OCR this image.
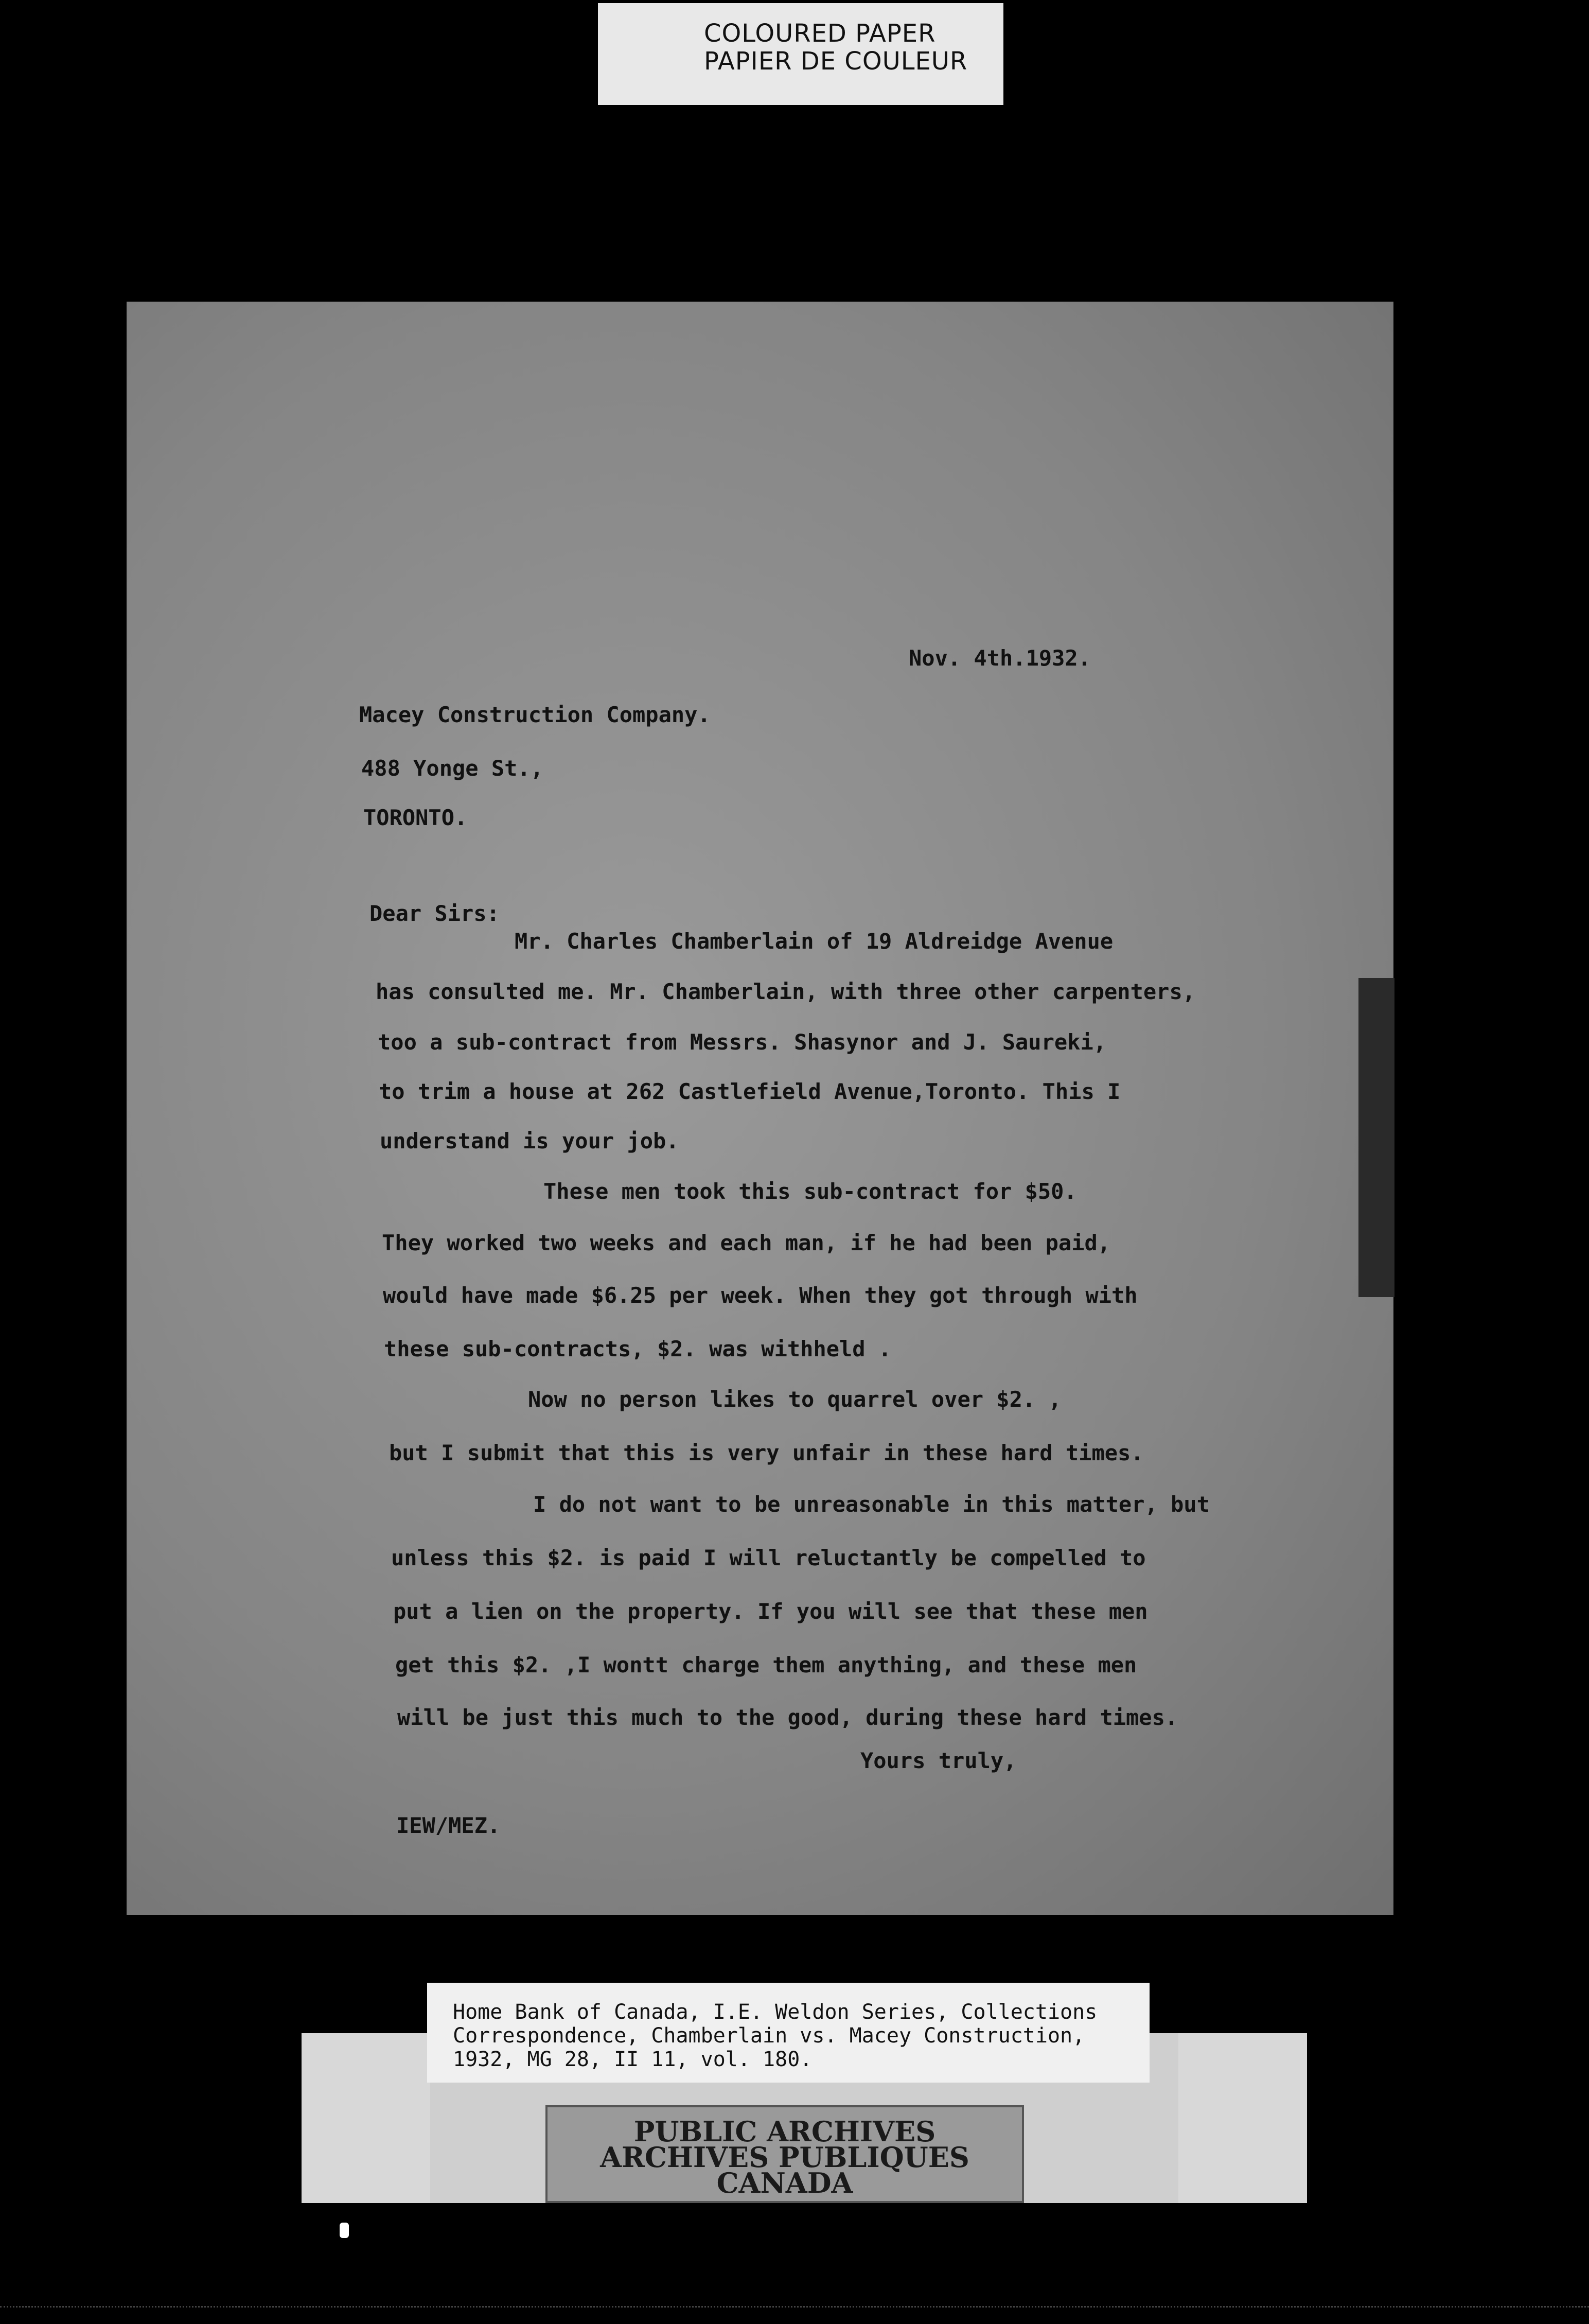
COLOURED PAPER
PAPIER DE COULEUR
Nov. 4th.1932.
Macey Construction Company.
488 Yonge St.,
TORONTO.
Dear Sirs:
Mr. Charles Chamberlain of 19 Aldreidge Avenue
has consulted me. Mr. Chamberlain, with three other carpenters,
too a sub-contract from Messrs. Shasynor and J. Saureki,
to trim a house at 262 Castlefield Avenue,Toronto. This I
understand is your job.
These men took this sub-contract for $50.
They worked two weeks and each man, if he had been paid,
would have made $6.25 per week. When they got through with
these sub-contracts, $2. was withheld .
Now no person likes to quarrel over $2. ,
but I submit that this is very unfair in these hard times.
I do not want to be unreasonable in this matter, but
unless this $2. is paid I will reluctantly be compelled to
put a lien on the property. If you will see that these men
get this $2. ,I wontt charge them anything, and these men
will be just this much to the good, during these hard times.
Yours truly,
IEW/MEZ.
Home Bank of Canada, I.E. Weldon Series, Collections
Correspondence, Chamberlain vs. Macey Construction,
1932, MG 28, II 11, vol. 180.
PUBLIC ARCHIVES
ARCHIVES PUBLIQUES
CANADA
